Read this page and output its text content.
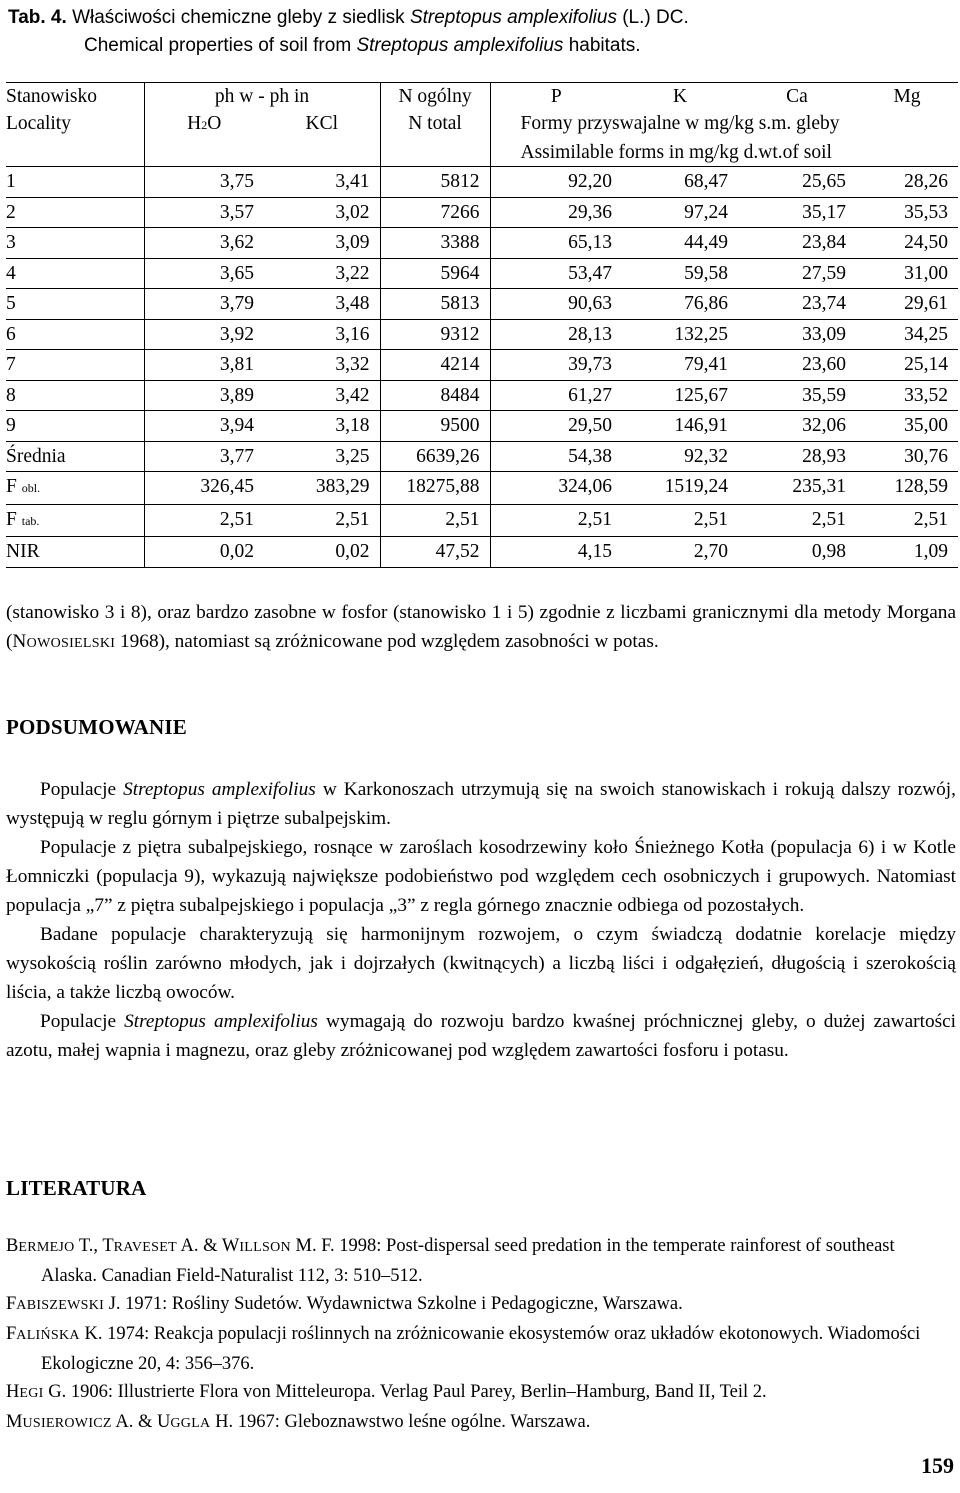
Tab. 4. Właściwości chemiczne gleby z siedlisk Streptopus amplexifolius (L.) DC.
Chemical properties of soil from Streptopus amplexifolius habitats.
Stanowisko	ph w - ph in		N ogólny	P	K	Ca	Mg
Locality	H2O	KCl	N total	Formy przyswajalne w mg/kg s.m. gleby			
				Assimilable forms in mg/kg d.wt.of soil			
1	3,75	3,41	5812	92,20	68,47	25,65	28,26
2	3,57	3,02	7266	29,36	97,24	35,17	35,53
3	3,62	3,09	3388	65,13	44,49	23,84	24,50
4	3,65	3,22	5964	53,47	59,58	27,59	31,00
5	3,79	3,48	5813	90,63	76,86	23,74	29,61
6	3,92	3,16	9312	28,13	132,25	33,09	34,25
7	3,81	3,32	4214	39,73	79,41	23,60	25,14
8	3,89	3,42	8484	61,27	125,67	35,59	33,52
9	3,94	3,18	9500	29,50	146,91	32,06	35,00
Średnia	3,77	3,25	6639,26	54,38	92,32	28,93	30,76
F obl.	326,45	383,29	18275,88	324,06	1519,24	235,31	128,59
F tab.	2,51	2,51	2,51	2,51	2,51	2,51	2,51
NIR	0,02	0,02	47,52	4,15	2,70	0,98	1,09

(stanowisko 3 i 8), oraz bardzo zasobne w fosfor (stanowisko 1 i 5) zgodnie z liczbami granicznymi dla metody Morgana (NOWOSIELSKI 1968), natomiast są zróżnicowane pod względem zasobności w potas.

PODSUMOWANIE

Populacje Streptopus amplexifolius w Karkonoszach utrzymują się na swoich stanowiskach i rokują dalszy rozwój, występują w reglu górnym i piętrze subalpejskim.

Populacje z piętra subalpejskiego, rosnące w zaroślach kosodrzewiny koło Śnieżnego Kotła (populacja 6) i w Kotle Łomniczki (populacja 9), wykazują największe podobieństwo pod względem cech osobniczych i grupowych. Natomiast populacja „7” z piętra subalpejskiego i populacja „3” z regla górnego znacznie odbiega od pozostałych.

Badane populacje charakteryzują się harmonijnym rozwojem, o czym świadczą dodatnie korelacje między wysokością roślin zarówno młodych, jak i dojrzałych (kwitnących) a liczbą liści i odgałęzień, długością i szerokością liścia, a także liczbą owoców.

Populacje Streptopus amplexifolius wymagają do rozwoju bardzo kwaśnej próchnicznej gleby, o dużej zawartości azotu, małej wapnia i magnezu, oraz gleby zróżnicowanej pod względem zawartości fosforu i potasu.

LITERATURA

BERMEJO T., TRAVESET A. & WILLSON M. F. 1998: Post-dispersal seed predation in the temperate rainforest of southeast Alaska. Canadian Field-Naturalist 112, 3: 510–512.

FABISZEWSKI J. 1971: Rośliny Sudetów. Wydawnictwa Szkolne i Pedagogiczne, Warszawa.

FALIŃSKA K. 1974: Reakcja populacji roślinnych na zróżnicowanie ekosystemów oraz układów ekotonowych. Wiadomości Ekologiczne 20, 4: 356–376.

HEGI G. 1906: Illustrierte Flora von Mitteleuropa. Verlag Paul Parey, Berlin–Hamburg, Band II, Teil 2.

MUSIEROWICZ A. & UGGLA H. 1967: Gleboznawstwo leśne ogólne. Warszawa.

159
